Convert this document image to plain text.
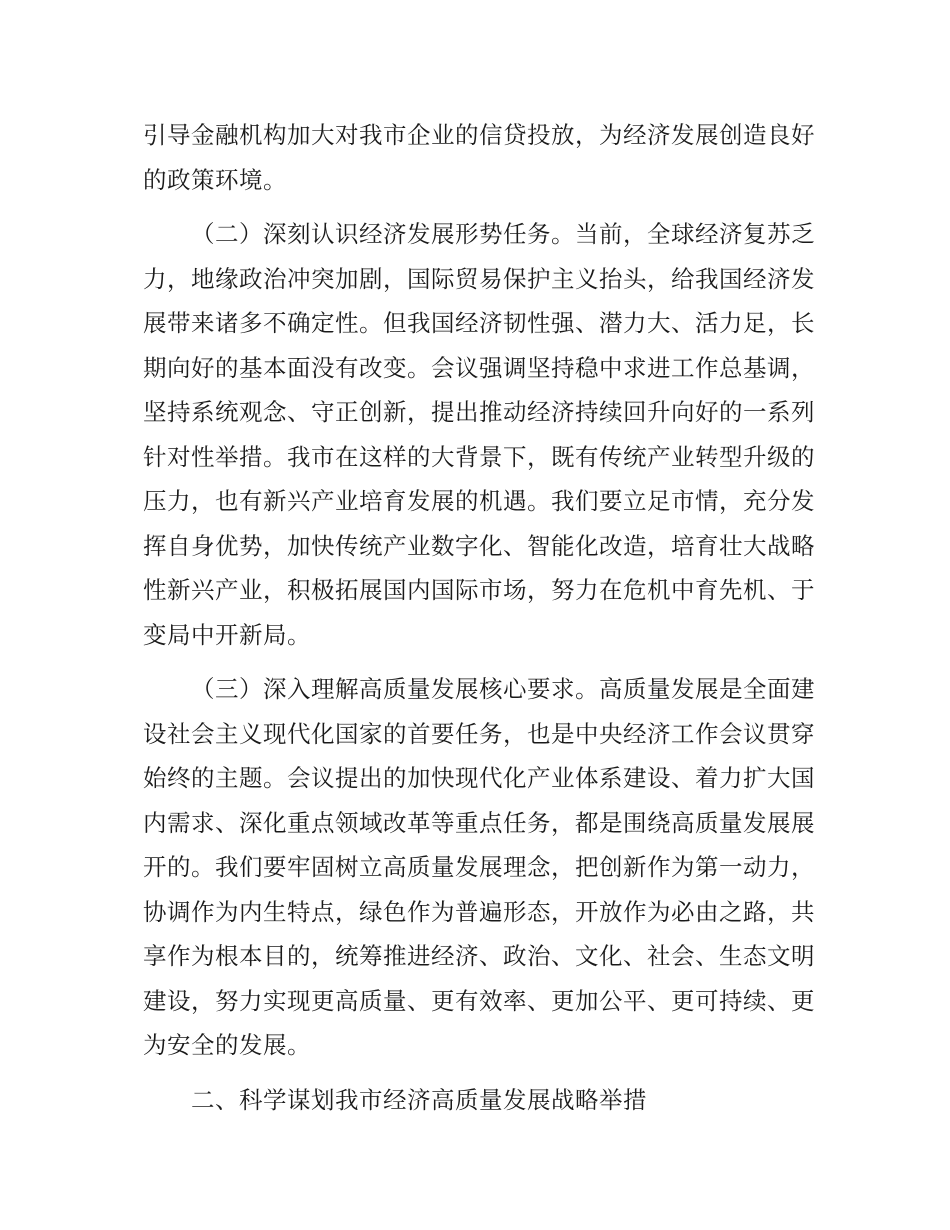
引导金融机构加大对我市企业的信贷投放，为经济发展创造良好的政策环境。

（二）深刻认识经济发展形势任务。当前，全球经济复苏乏力，地缘政治冲突加剧，国际贸易保护主义抬头，给我国经济发展带来诸多不确定性。但我国经济韧性强、潜力大、活力足，长期向好的基本面没有改变。会议强调坚持稳中求进工作总基调，坚持系统观念、守正创新，提出推动经济持续回升向好的一系列针对性举措。我市在这样的大背景下，既有传统产业转型升级的压力，也有新兴产业培育发展的机遇。我们要立足市情，充分发挥自身优势，加快传统产业数字化、智能化改造，培育壮大战略性新兴产业，积极拓展国内国际市场，努力在危机中育先机、于变局中开新局。

（三）深入理解高质量发展核心要求。高质量发展是全面建设社会主义现代化国家的首要任务，也是中央经济工作会议贯穿始终的主题。会议提出的加快现代化产业体系建设、着力扩大国内需求、深化重点领域改革等重点任务，都是围绕高质量发展展开的。我们要牢固树立高质量发展理念，把创新作为第一动力，协调作为内生特点，绿色作为普遍形态，开放作为必由之路，共享作为根本目的，统筹推进经济、政治、文化、社会、生态文明建设，努力实现更高质量、更有效率、更加公平、更可持续、更为安全的发展。

二、科学谋划我市经济高质量发展战略举措
